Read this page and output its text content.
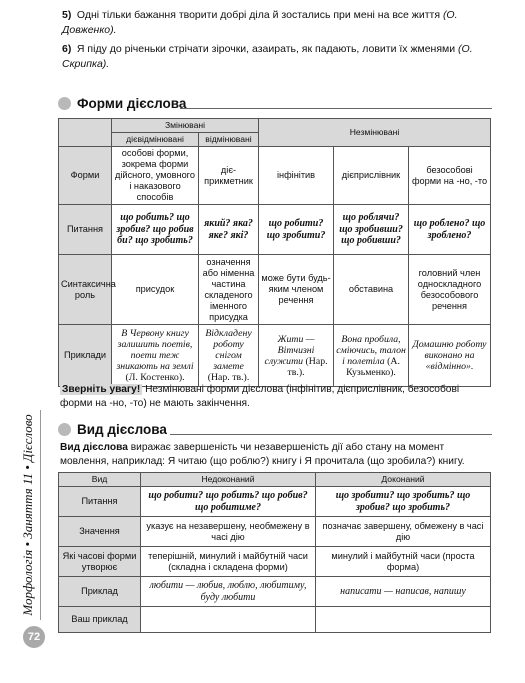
5) Одні тільки бажання творити добрі діла й зостались при мені на все життя (О. Довженко).
6) Я піду до річеньки стрічати зірочки, азаирать, як падають, ловити їх жменями (О. Скрипка).
Форми дієслова
	Змінювані		Незмінювані		
	дієвідмінювані	відмінювані			
Форми	особові форми, зокрема форми дійсного, умовного і наказового способів	діє-прикметник	інфінітив	дієприслівник	безособові форми на -но, -то
Питання	що робить? що зробив? що робив би? що зробить?	який? яка? яке? які?	що робити? що зробити?	що роблячи? що зробивши? що робивши?	що роблено? що зроблено?
Синтаксична роль	присудок	означення або німенна частина складеного іменного присудка	може бути будь-яким членом речення	обставина	головний член односкладного безособового речення
Приклади	В Червону книгу залишить поетів, поети теж зникають на землі (Л. Костенко).	Відкладену роботу снігом замете (Нар. тв.).	Жити — Вітчизні служити (Нар. тв.).	Вона пробила, сміючись, талон і полетіла (А. Кузьменко).	Домашню роботу виконано на «відмінно».
Зверніть увагу! Незмінювані форми дієслова (інфінітив, дієприслівник, безособові форми на -но, -то) не мають закінчення.
Вид дієслова
Вид дієслова виражає завершеність чи незавершеність дії або стану на момент мовлення, наприклад: Я читаю (що роблю?) книгу і Я прочитала (що зробила?) книгу.
Вид	Недоконаний	Доконаний
Питання	що робити? що робить? що робив? що робитиме?	що зробити? що зробить? що зробив? що зробить?
Значення	указує на незавершену, необмежену в часі дію	позначає завершену, обмежену в часі дію
Які часові форми утворює	теперішній, минулий і майбутній часи (складна і складена форми)	минулий і майбутній часи (проста форма)
Приклад	любити — любив, люблю, любитиму, буду любити	написати — написав, напишу
Ваш приклад		
Морфологія • Заняття 11 • Дієслово
72
